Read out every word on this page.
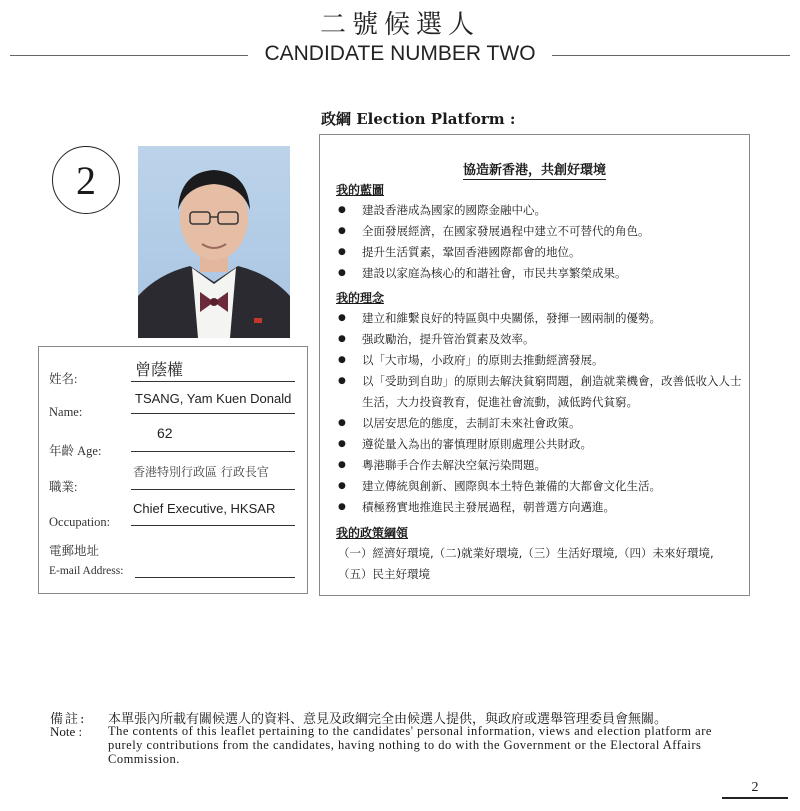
二號候選人
CANDIDATE NUMBER TWO
政綱 Election Platform :
2
曾蔭權
姓名:
TSANG, Yam Kuen Donald
Name:
62
年齡 Age:
香港特別行政區 行政長官
職業:
Chief Executive, HKSAR
Occupation:
電郵地址
E-mail Address:
協造新香港，共創好環境
我的藍圖
● 建設香港成為國家的國際金融中心。
● 全面發展經濟，在國家發展過程中建立不可替代的角色。
● 提升生活質素，鞏固香港國際都會的地位。
● 建設以家庭為核心的和諧社會，市民共享繁榮成果。
我的理念
● 建立和維繫良好的特區與中央關係，發揮一國兩制的優勢。
● 强政勵治，提升管治質素及效率。
● 以「大市場，小政府」的原則去推動經濟發展。
● 以「受助到自助」的原則去解決貧窮問題，創造就業機會，改善低收入人士生活，大力投資教育，促進社會流動，減低跨代貧窮。
● 以居安思危的態度，去制訂未來社會政策。
● 遵從量入為出的審慎理財原則處理公共財政。
● 粵港聯手合作去解決空氣污染問題。
● 建立傳統與創新、國際與本土特色兼備的大都會文化生活。
● 積極務實地推進民主發展過程，朝普選方向邁進。
我的政策綱領
（一）經濟好環境,（二)就業好環境,（三）生活好環境,（四）未來好環境,
（五）民主好環境
備註: 本單張內所載有關候選人的資料、意見及政綱完全由候選人提供，與政府或選舉管理委員會無關。
Note : The contents of this leaflet pertaining to the candidates' personal information, views and election platform are purely contributions from the candidates, having nothing to do with the Government or the Electoral Affairs Commission.
2
